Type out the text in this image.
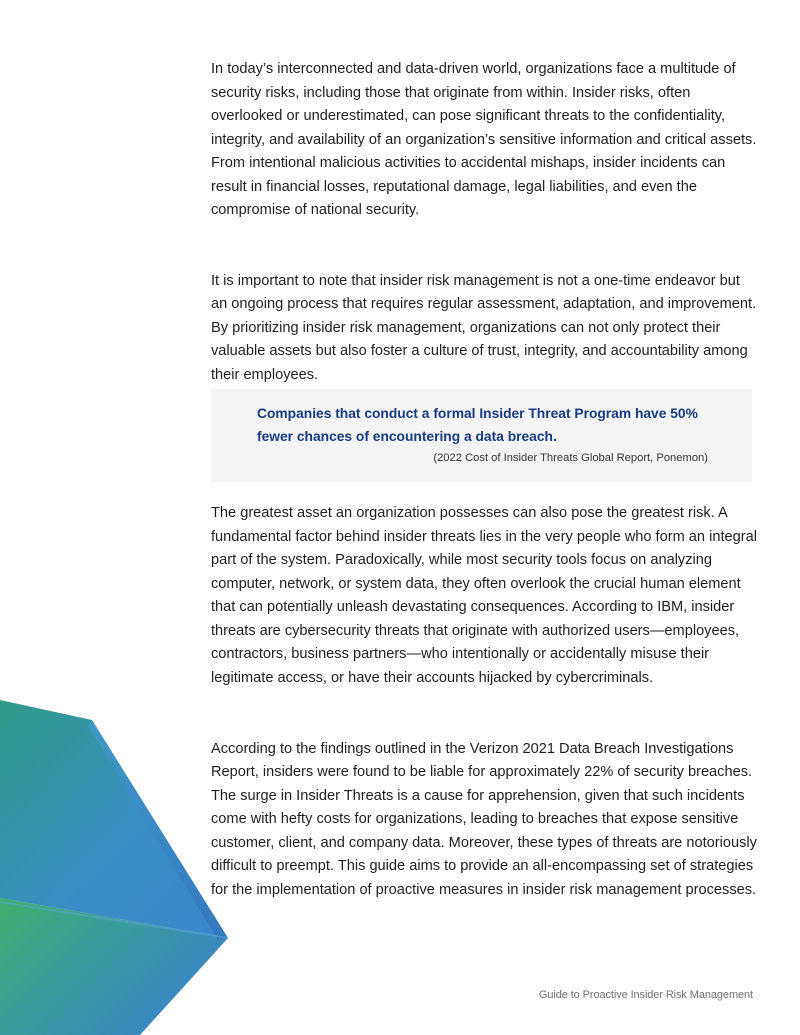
In today’s interconnected and data-driven world, organizations face a multitude of security risks, including those that originate from within. Insider risks, often overlooked or underestimated, can pose significant threats to the confidentiality, integrity, and availability of an organization’s sensitive information and critical assets. From intentional malicious activities to accidental mishaps, insider incidents can result in financial losses, reputational damage, legal liabilities, and even the compromise of national security.

It is important to note that insider risk management is not a one-time endeavor but an ongoing process that requires regular assessment, adaptation, and improvement. By prioritizing insider risk management, organizations can not only protect their valuable assets but also foster a culture of trust, integrity, and accountability among their employees.

Companies that conduct a formal Insider Threat Program have 50% fewer chances of encountering a data breach.

(2022 Cost of Insider Threats Global Report, Ponemon)

The greatest asset an organization possesses can also pose the greatest risk. A fundamental factor behind insider threats lies in the very people who form an integral part of the system. Paradoxically, while most security tools focus on analyzing computer, network, or system data, they often overlook the crucial human element that can potentially unleash devastating consequences. According to IBM, insider threats are cybersecurity threats that originate with authorized users—employees, contractors, business partners—who intentionally or accidentally misuse their legitimate access, or have their accounts hijacked by cybercriminals.

According to the findings outlined in the Verizon 2021 Data Breach Investigations Report, insiders were found to be liable for approximately 22% of security breaches. The surge in Insider Threats is a cause for apprehension, given that such incidents come with hefty costs for organizations, leading to breaches that expose sensitive customer, client, and company data. Moreover, these types of threats are notoriously difficult to preempt. This guide aims to provide an all-encompassing set of strategies for the implementation of proactive measures in insider risk management processes.

Guide to Proactive Insider Risk Management
